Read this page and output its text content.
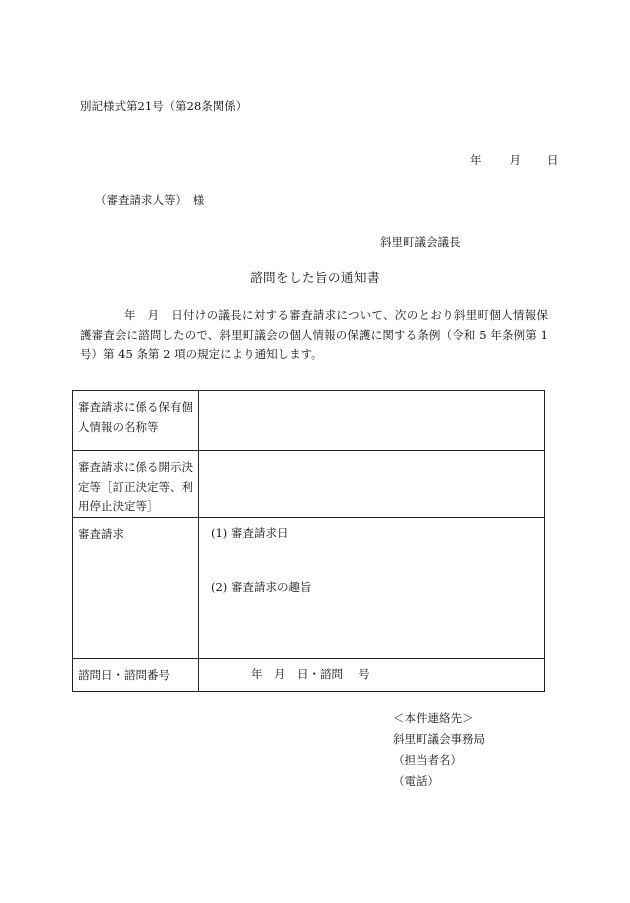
別記様式第21号（第28条関係）
年 月 日
（審査請求人等）　様
斜里町議会議長
諮問をした旨の通知書
年　月　日付けの議長に対する審査請求について、次のとおり斜里町個人情報保護審査会に諮問したので、斜里町議会の個人情報の保護に関する条例（令和 5 年条例第 1 号）第 45 条第 2 項の規定により通知します。
審査請求に係る保有個人情報の名称等	
審査請求に係る開示決定等［訂正決定等、利用停止決定等］	
審査請求	(1) 審査請求日
(2) 審査請求の趣旨

諮問日・諮問番号	年　月　日・諮問　 号
＜本件連絡先＞
斜里町議会事務局
（担当者名）
（電話）
